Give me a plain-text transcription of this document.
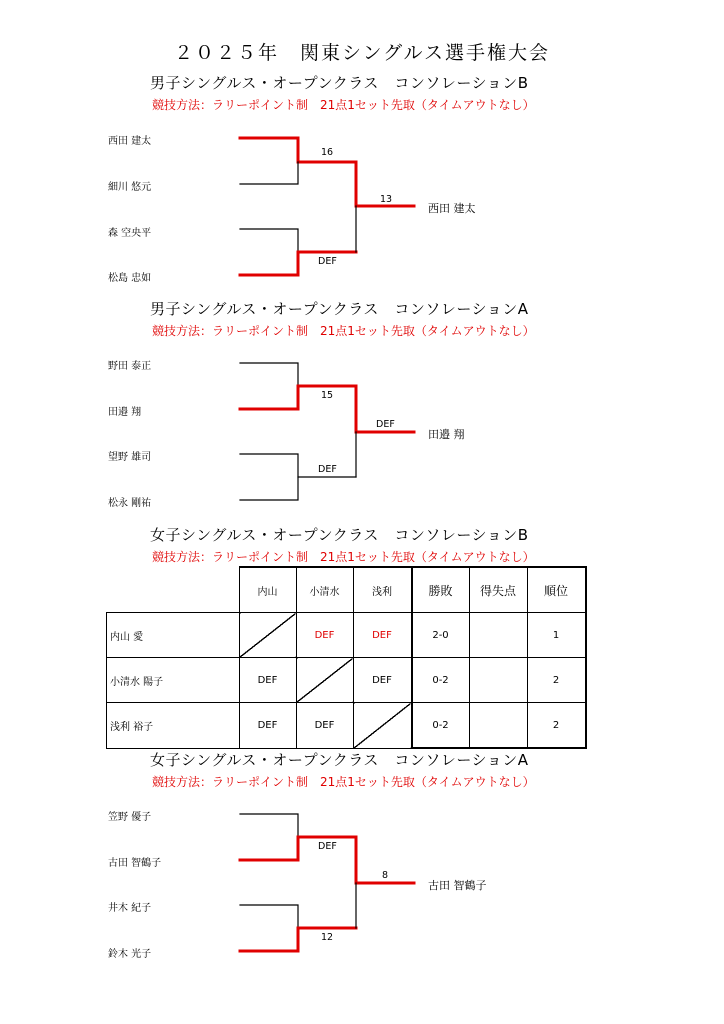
２０２５年　関東シングルス選手権大会
男子シングルス・オープンクラス　コンソレーションB
競技方法：ラリーポイント制　21点1セット先取（タイムアウトなし）
西田 建太
細川 悠元
森 空央平
松島 忠如
16
DEF
13
西田 建太
男子シングルス・オープンクラス　コンソレーションA
競技方法：ラリーポイント制　21点1セット先取（タイムアウトなし）
野田 泰正
田邉 翔
望野 雄司
松永 剛祐
15
DEF
DEF
田邉 翔
女子シングルス・オープンクラス　コンソレーションB
競技方法：ラリーポイント制　21点1セット先取（タイムアウトなし）
	内山	小清水	浅利	勝敗	得失点	順位
内山 愛		DEF	DEF	2-0		1
小清水 陽子	DEF		DEF	0-2		2
浅利 裕子	DEF	DEF		0-2		2
女子シングルス・オープンクラス　コンソレーションA
競技方法：ラリーポイント制　21点1セット先取（タイムアウトなし）
笠野 優子
古田 智鶴子
井木 紀子
鈴木 光子
DEF
12
8
古田 智鶴子
